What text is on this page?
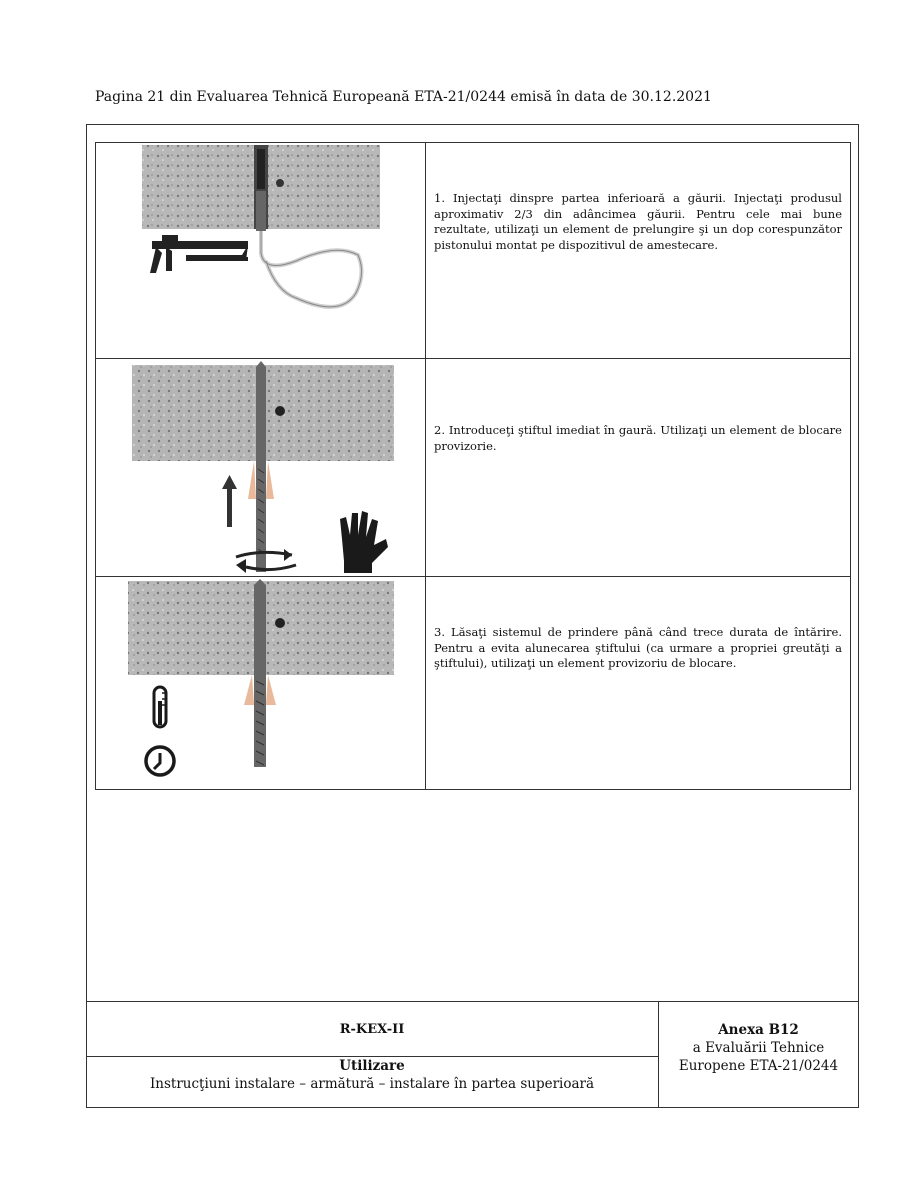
Pagina 21 din Evaluarea Tehnică Europeană ETA-21/0244 emisă în data de 30.12.2021
1. Injectaţi dinspre partea inferioară a găurii. Injectaţi produsul aproximativ 2/3 din adâncimea găurii. Pentru cele mai bune rezultate, utilizaţi un element de prelungire şi un dop corespunzător pistonului montat pe dispozitivul de amestecare.
2. Introduceţi ştiftul imediat în gaură. Utilizaţi un element de blocare provizorie.
3. Lăsaţi sistemul de prindere până când trece durata de întărire. Pentru a evita alunecarea ştiftului (ca urmare a propriei greutăţi a ştiftului), utilizaţi un element provizoriu de blocare.
R-KEX-II
Utilizare
Instrucţiuni instalare – armătură – instalare în partea superioară
Anexa B12
a Evaluării Tehnice
Europene ETA-21/0244
